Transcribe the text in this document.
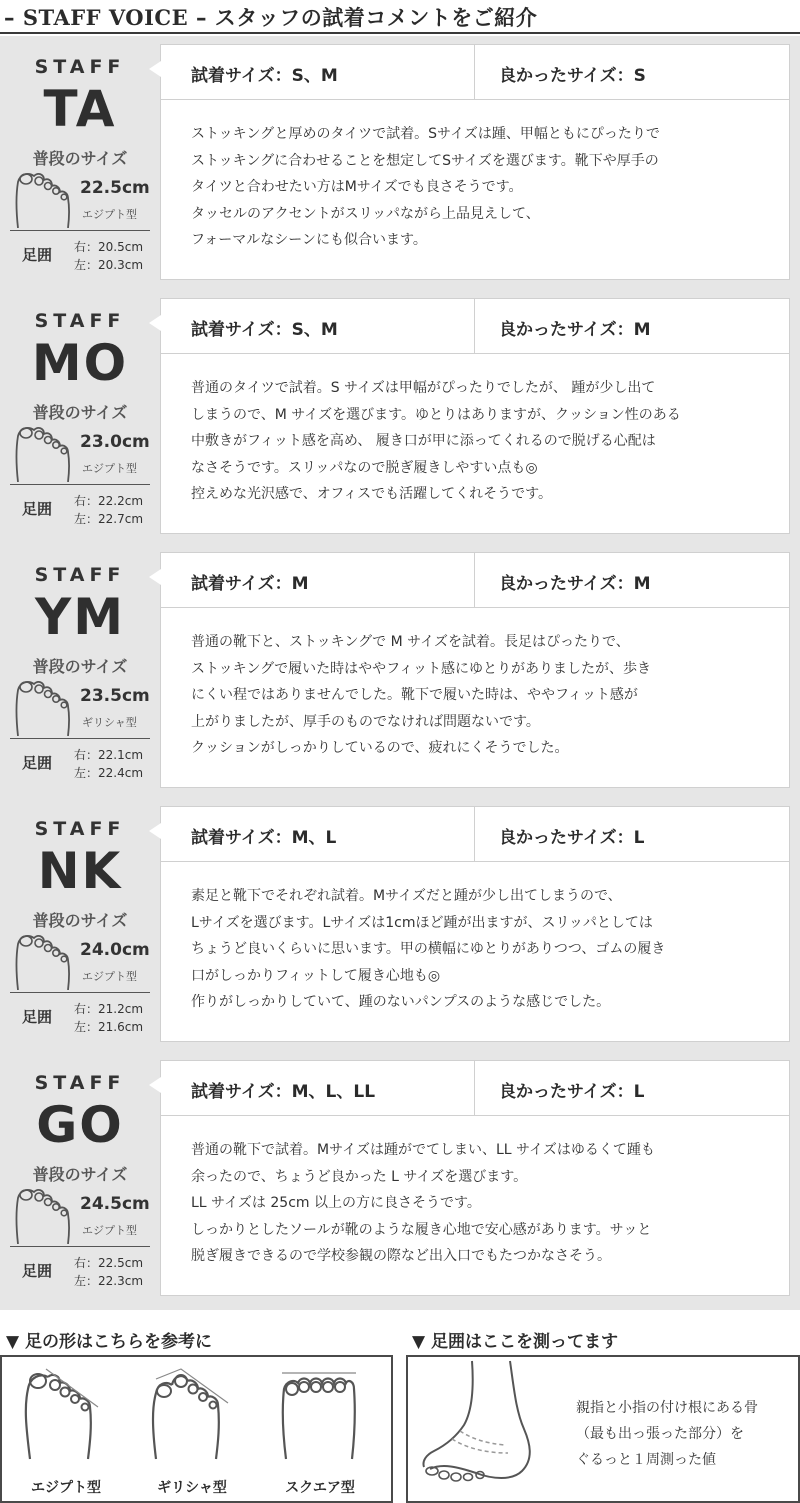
– STAFF VOICE – スタッフの試着コメントをご紹介
STAFF
TA
普段のサイズ
22.5cm
エジプト型
足囲 右：20.5cm
左：20.3cm
試着サイズ：S、M	良かったサイズ：S
ストッキングと厚めのタイツで試着。Sサイズは踵、甲幅ともにぴったりで
ストッキングに合わせることを想定してSサイズを選びます。靴下や厚手の
タイツと合わせたい方はMサイズでも良さそうです。
タッセルのアクセントがスリッパながら上品見えして、
フォーマルなシーンにも似合います。
STAFF
MO
普段のサイズ
23.0cm
エジプト型
足囲 右：22.2cm
左：22.7cm
試着サイズ：S、M	良かったサイズ：M
普通のタイツで試着。S サイズは甲幅がぴったりでしたが、 踵が少し出て
しまうので、M サイズを選びます。ゆとりはありますが、クッション性のある
中敷きがフィット感を高め、 履き口が甲に添ってくれるので脱げる心配は
なさそうです。スリッパなので脱ぎ履きしやすい点も◎
控えめな光沢感で、オフィスでも活躍してくれそうです。
STAFF
YM
普段のサイズ
23.5cm
ギリシャ型
足囲 右：22.1cm
左：22.4cm
試着サイズ：M	良かったサイズ：M
普通の靴下と、ストッキングで M サイズを試着。長足はぴったりで、
ストッキングで履いた時はややフィット感にゆとりがありましたが、歩き
にくい程ではありませんでした。靴下で履いた時は、ややフィット感が
上がりましたが、厚手のものでなければ問題ないです。
クッションがしっかりしているので、疲れにくそうでした。
STAFF
NK
普段のサイズ
24.0cm
エジプト型
足囲 右：21.2cm
左：21.6cm
試着サイズ：M、L	良かったサイズ：L
素足と靴下でそれぞれ試着。Mサイズだと踵が少し出てしまうので、
Lサイズを選びます。Lサイズは1cmほど踵が出ますが、スリッパとしては
ちょうど良いくらいに思います。甲の横幅にゆとりがありつつ、ゴムの履き
口がしっかりフィットして履き心地も◎
作りがしっかりしていて、踵のないパンプスのような感じでした。
STAFF
GO
普段のサイズ
24.5cm
エジプト型
足囲 右：22.5cm
左：22.3cm
試着サイズ：M、L、LL	良かったサイズ：L
普通の靴下で試着。Mサイズは踵がでてしまい、LL サイズはゆるくて踵も
余ったので、ちょうど良かった L サイズを選びます。
LL サイズは 25cm 以上の方に良さそうです。
しっかりとしたソールが靴のような履き心地で安心感があります。サッと
脱ぎ履きできるので学校参観の際など出入口でもたつかなさそう。
▼ 足の形はこちらを参考に
エジプト型	ギリシャ型	スクエア型
▼ 足囲はここを測ってます
親指と小指の付け根にある骨
（最も出っ張った部分）を
ぐるっと１周測った値
